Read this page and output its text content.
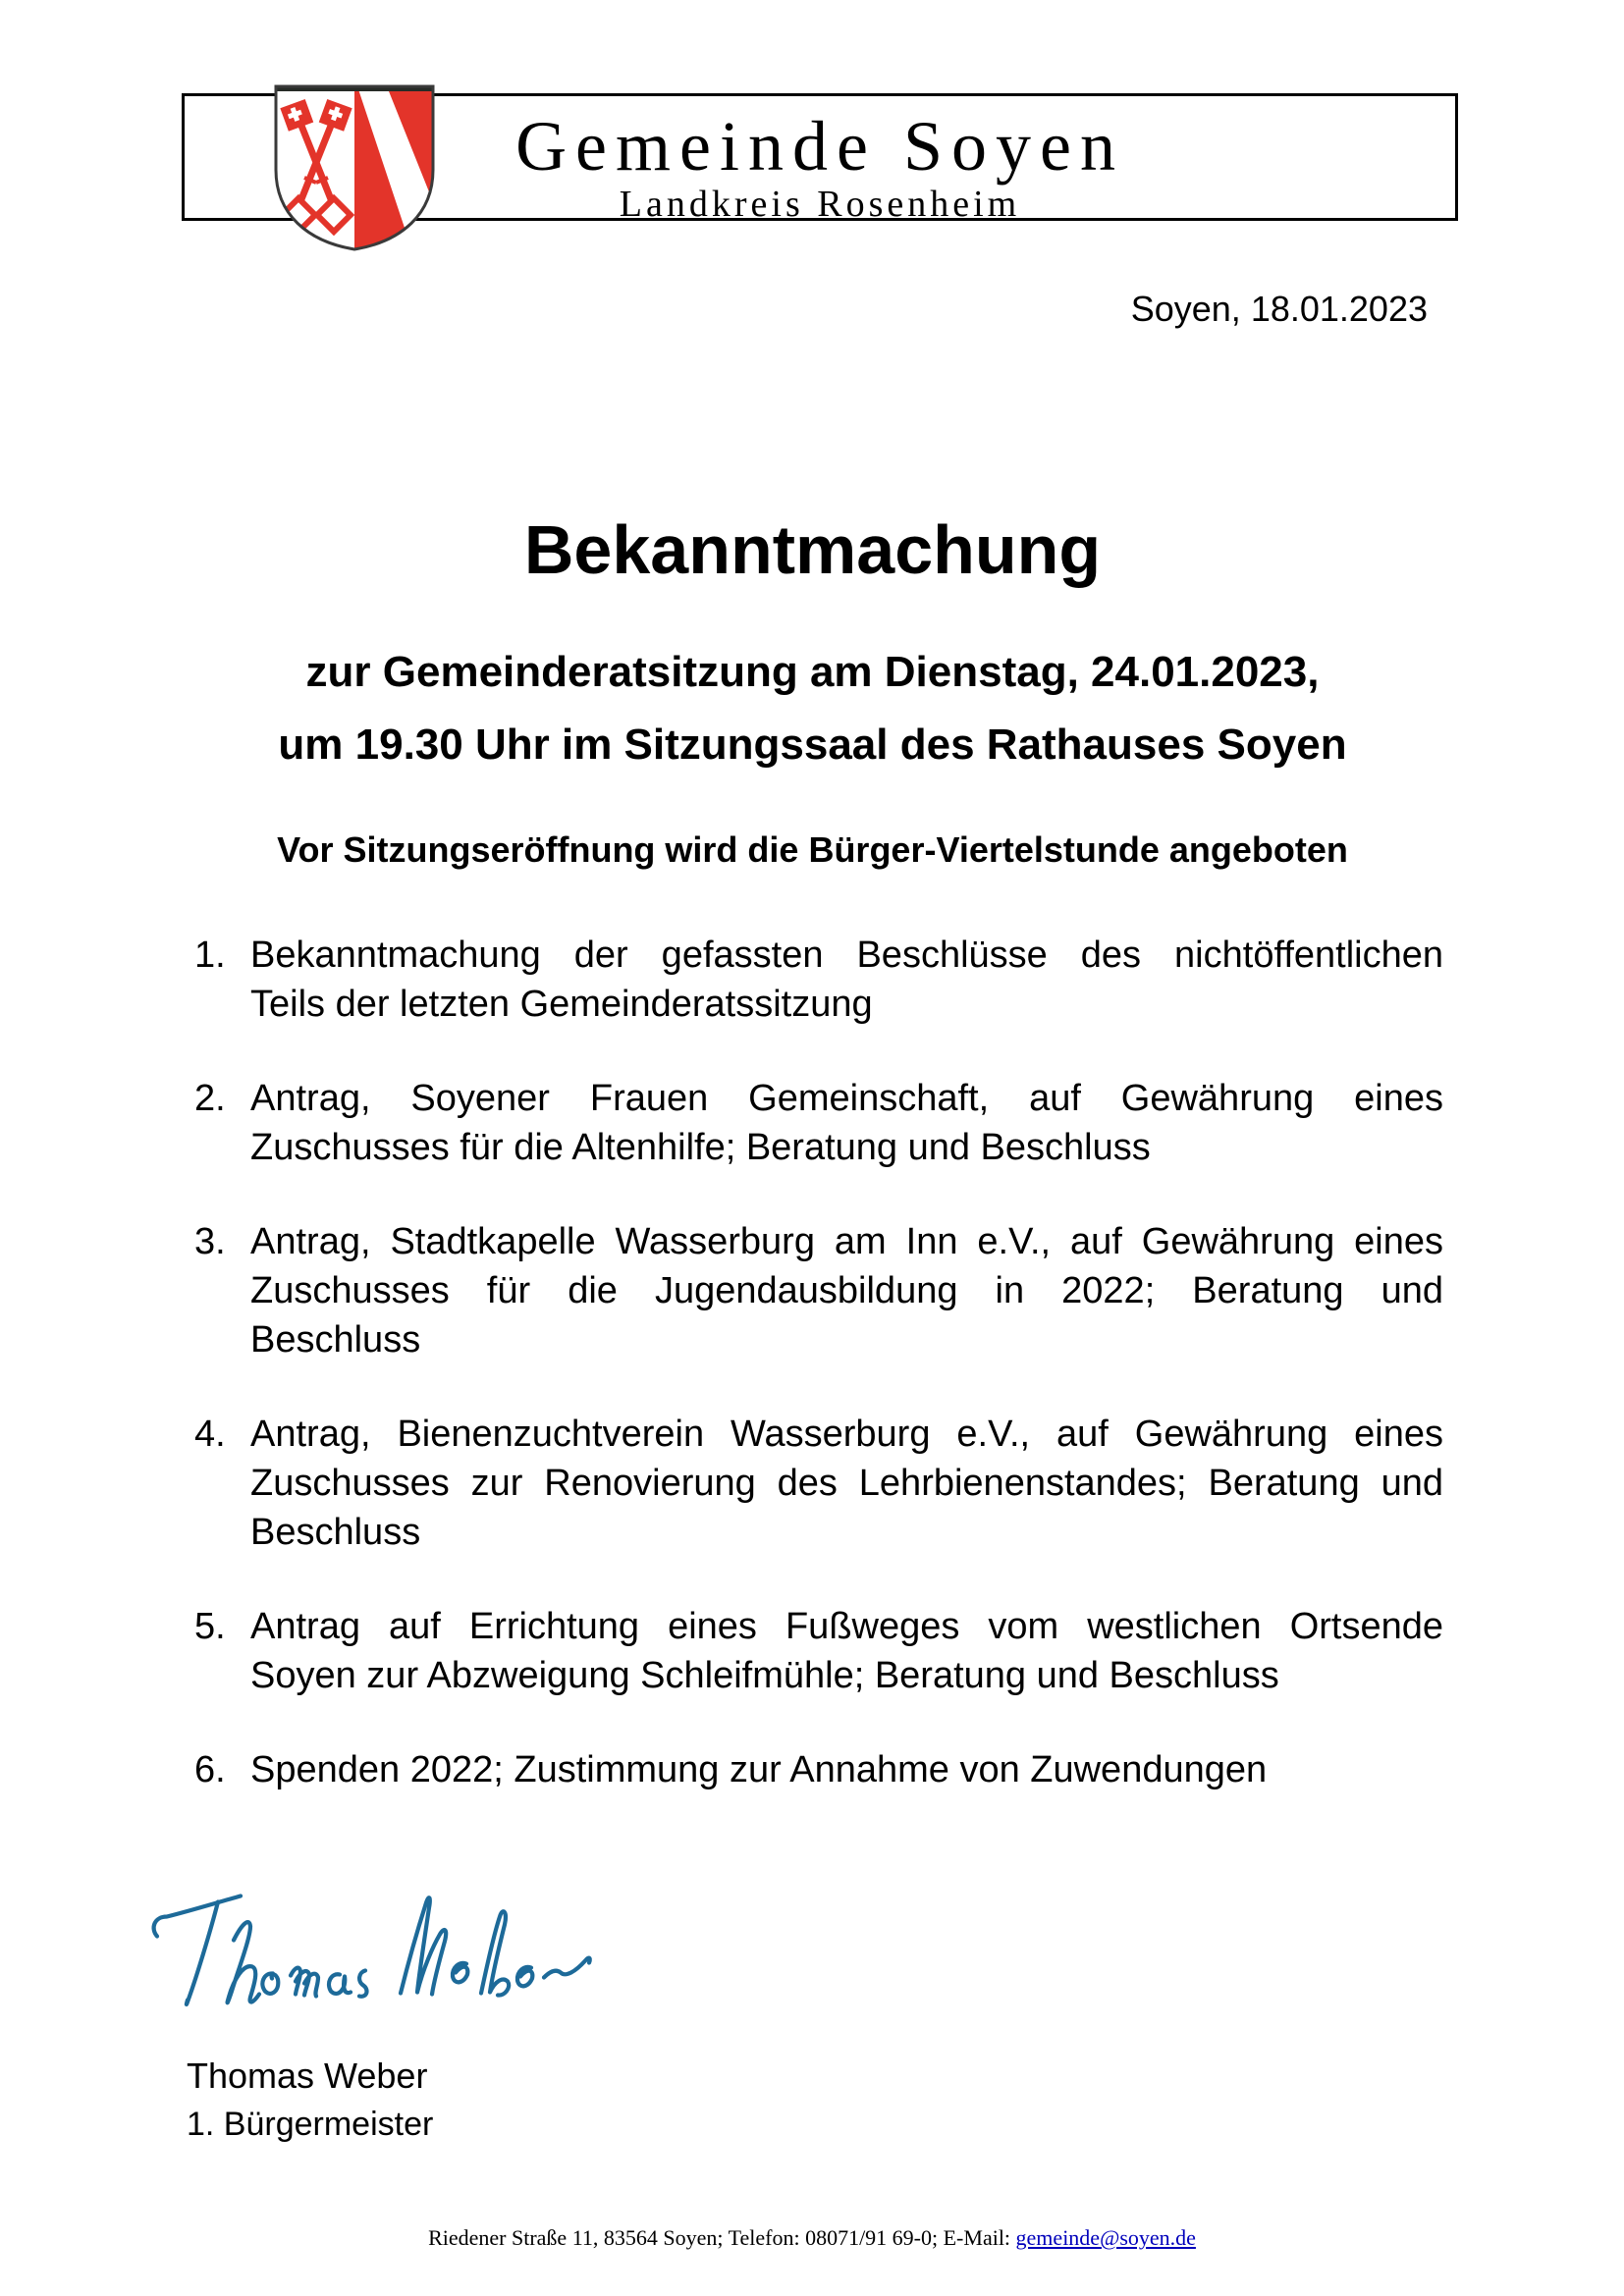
Gemeinde Soyen
Landkreis Rosenheim
Soyen, 18.01.2023
Bekanntmachung
zur Gemeinderatsitzung am Dienstag, 24.01.2023,
um 19.30 Uhr im Sitzungssaal des Rathauses Soyen
Vor Sitzungseröffnung wird die Bürger-Viertelstunde angeboten
1. Bekanntmachung der gefassten Beschlüsse des nichtöffentlichen
Teils der letzten Gemeinderatssitzung
2. Antrag, Soyener Frauen Gemeinschaft, auf Gewährung eines
Zuschusses für die Altenhilfe; Beratung und Beschluss
3. Antrag, Stadtkapelle Wasserburg am Inn e.V., auf Gewährung eines
Zuschusses für die Jugendausbildung in 2022; Beratung und
Beschluss
4. Antrag, Bienenzuchtverein Wasserburg e.V., auf Gewährung eines
Zuschusses zur Renovierung des Lehrbienenstandes; Beratung und
Beschluss
5. Antrag auf Errichtung eines Fußweges vom westlichen Ortsende
Soyen zur Abzweigung Schleifmühle; Beratung und Beschluss
6. Spenden 2022; Zustimmung zur Annahme von Zuwendungen
Thomas Weber
1. Bürgermeister
Riedener Straße 11, 83564 Soyen; Telefon: 08071/91 69-0; E-Mail: gemeinde@soyen.de
